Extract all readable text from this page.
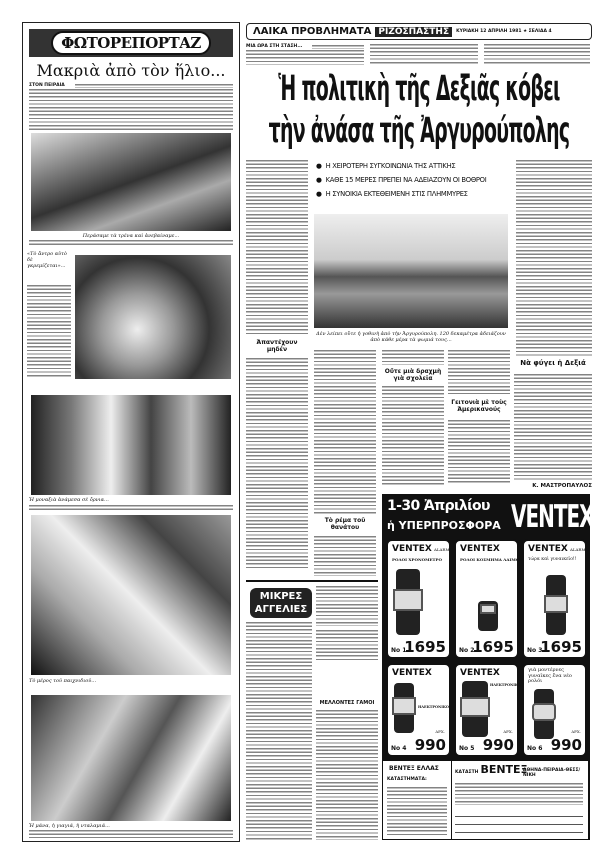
ΦΩΤΟΡΕΠΟΡΤΑΖ
Μακριὰ ἀπὸ τὸν ἥλιο...
ΣΤΟΝ ΠΕΙΡΑΙΑ
Περάσαμε τὰ τρένα καὶ ἀνεβαίναμε...
«Τὸ ἄντρο αὐτὸ δὲ γκρεμίζεται»...
Ἡ μοναξιὰ ἀνάμεσα σὲ ὄρνια...
Τὸ μέρος τοῦ παιχνιδιοῦ...
Ἡ μάνα, ἡ γιαγιά, ἡ νταλαμιά...
ΛΑΙΚΑ ΠΡΟΒΛΗΜΑΤΑ ΡΙΖΟΣΠΑΣΤΗΣ	ΚΥΡΙΑΚΗ 12 ΑΠΡΙΛΗ 1981 ★ ΣΕΛΙΔΑ 4
ΜΙΑ ΩΡΑ ΣΤΗ ΣΤΑΣΗ...
Ἡ πολιτικὴ τῆς Δεξιᾶς κόβει
τὴν ἀνάσα τῆς Ἀργυρούπολης
Ἀπαντέχουν μηδέν
● Η ΧΕΙΡΟΤΕΡΗ ΣΥΓΚΟΙΝΩΝΙΑ ΤΗΣ ΑΤΤΙΚΗΣ
● ΚΑΘΕ 15 ΜΕΡΕΣ ΠΡΕΠΕΙ ΝΑ ΑΔΕΙΑΖΟΥΝ ΟΙ ΒΟΘΡΟΙ
● Η ΣΥΝΟΙΚΙΑ ΕΚΤΕΘΕΙΜΕΝΗ ΣΤΙΣ ΠΛΗΜΜΥΡΕΣ
Δὲν λείπει οὔτε ἡ γοθινὴ ἀπὸ τὴν Ἀργυρούπολη. 120 δεκαμέτρα ἀδειάζουν ἀπὸ κάθε μέρα τὰ ψωμιά τους...
Νὰ φύγει ἡ Δεξιά
Κ. ΜΑΣΤΡΟΠΑΥΛΟΣ
Τὸ ρέμα τοῦ θανάτου
Οὔτε μιὰ δραχμὴ γιὰ σχολεῖα
Γειτονιὰ μὲ τοὺς Ἀμερικανούς
ΜΙΚΡΕΣ
ΑΓΓΕΛΙΕΣ
ΜΕΛΛΟΝΤΕΣ ΓΑΜΟΙ
1-30 Ἀπριλίου
ἡ ΥΠΕΡΠΡΟΣΦΟΡΑ VENTEX
VENTEX ALARM
ΡΟΛΟΙ ΧΡΟΝΟΜΕΤΡΟ
Νο 1
1695
VENTEX
ΡΟΛΟΙ ΚΟΣΜΗΜΑ ΛΑΙΜΟΥ
Νο 2
1695
VENTEX ALARM
τώρα καὶ γυναικεῖο!!
Νο 3
1695
VENTEX
ΗΛΕΚΤΡΟΝΙΚΟ
Νο 4
ΔΡΧ.
990
VENTEX
ΗΛΕΚΤΡΟΝΙΚΟ
Νο 5
ΔΡΧ.
990
γιὰ μοντέρνες γυναῖκες ἕνα νέο ρολόι
Νο 6
ΔΡΧ.
990
ΒΕΝΤΕΞ ΕΛΛΑΣ
ΚΑΤΑΣΤΗΜΑΤΑ:
ΚΑΤΑΣΤΗ ΒΕΝΤΕΞ
ΑΘΗΝΑ-ΠΕΙΡΑΙΑ-ΘΕΣΣ/ΝΙΚΗ
